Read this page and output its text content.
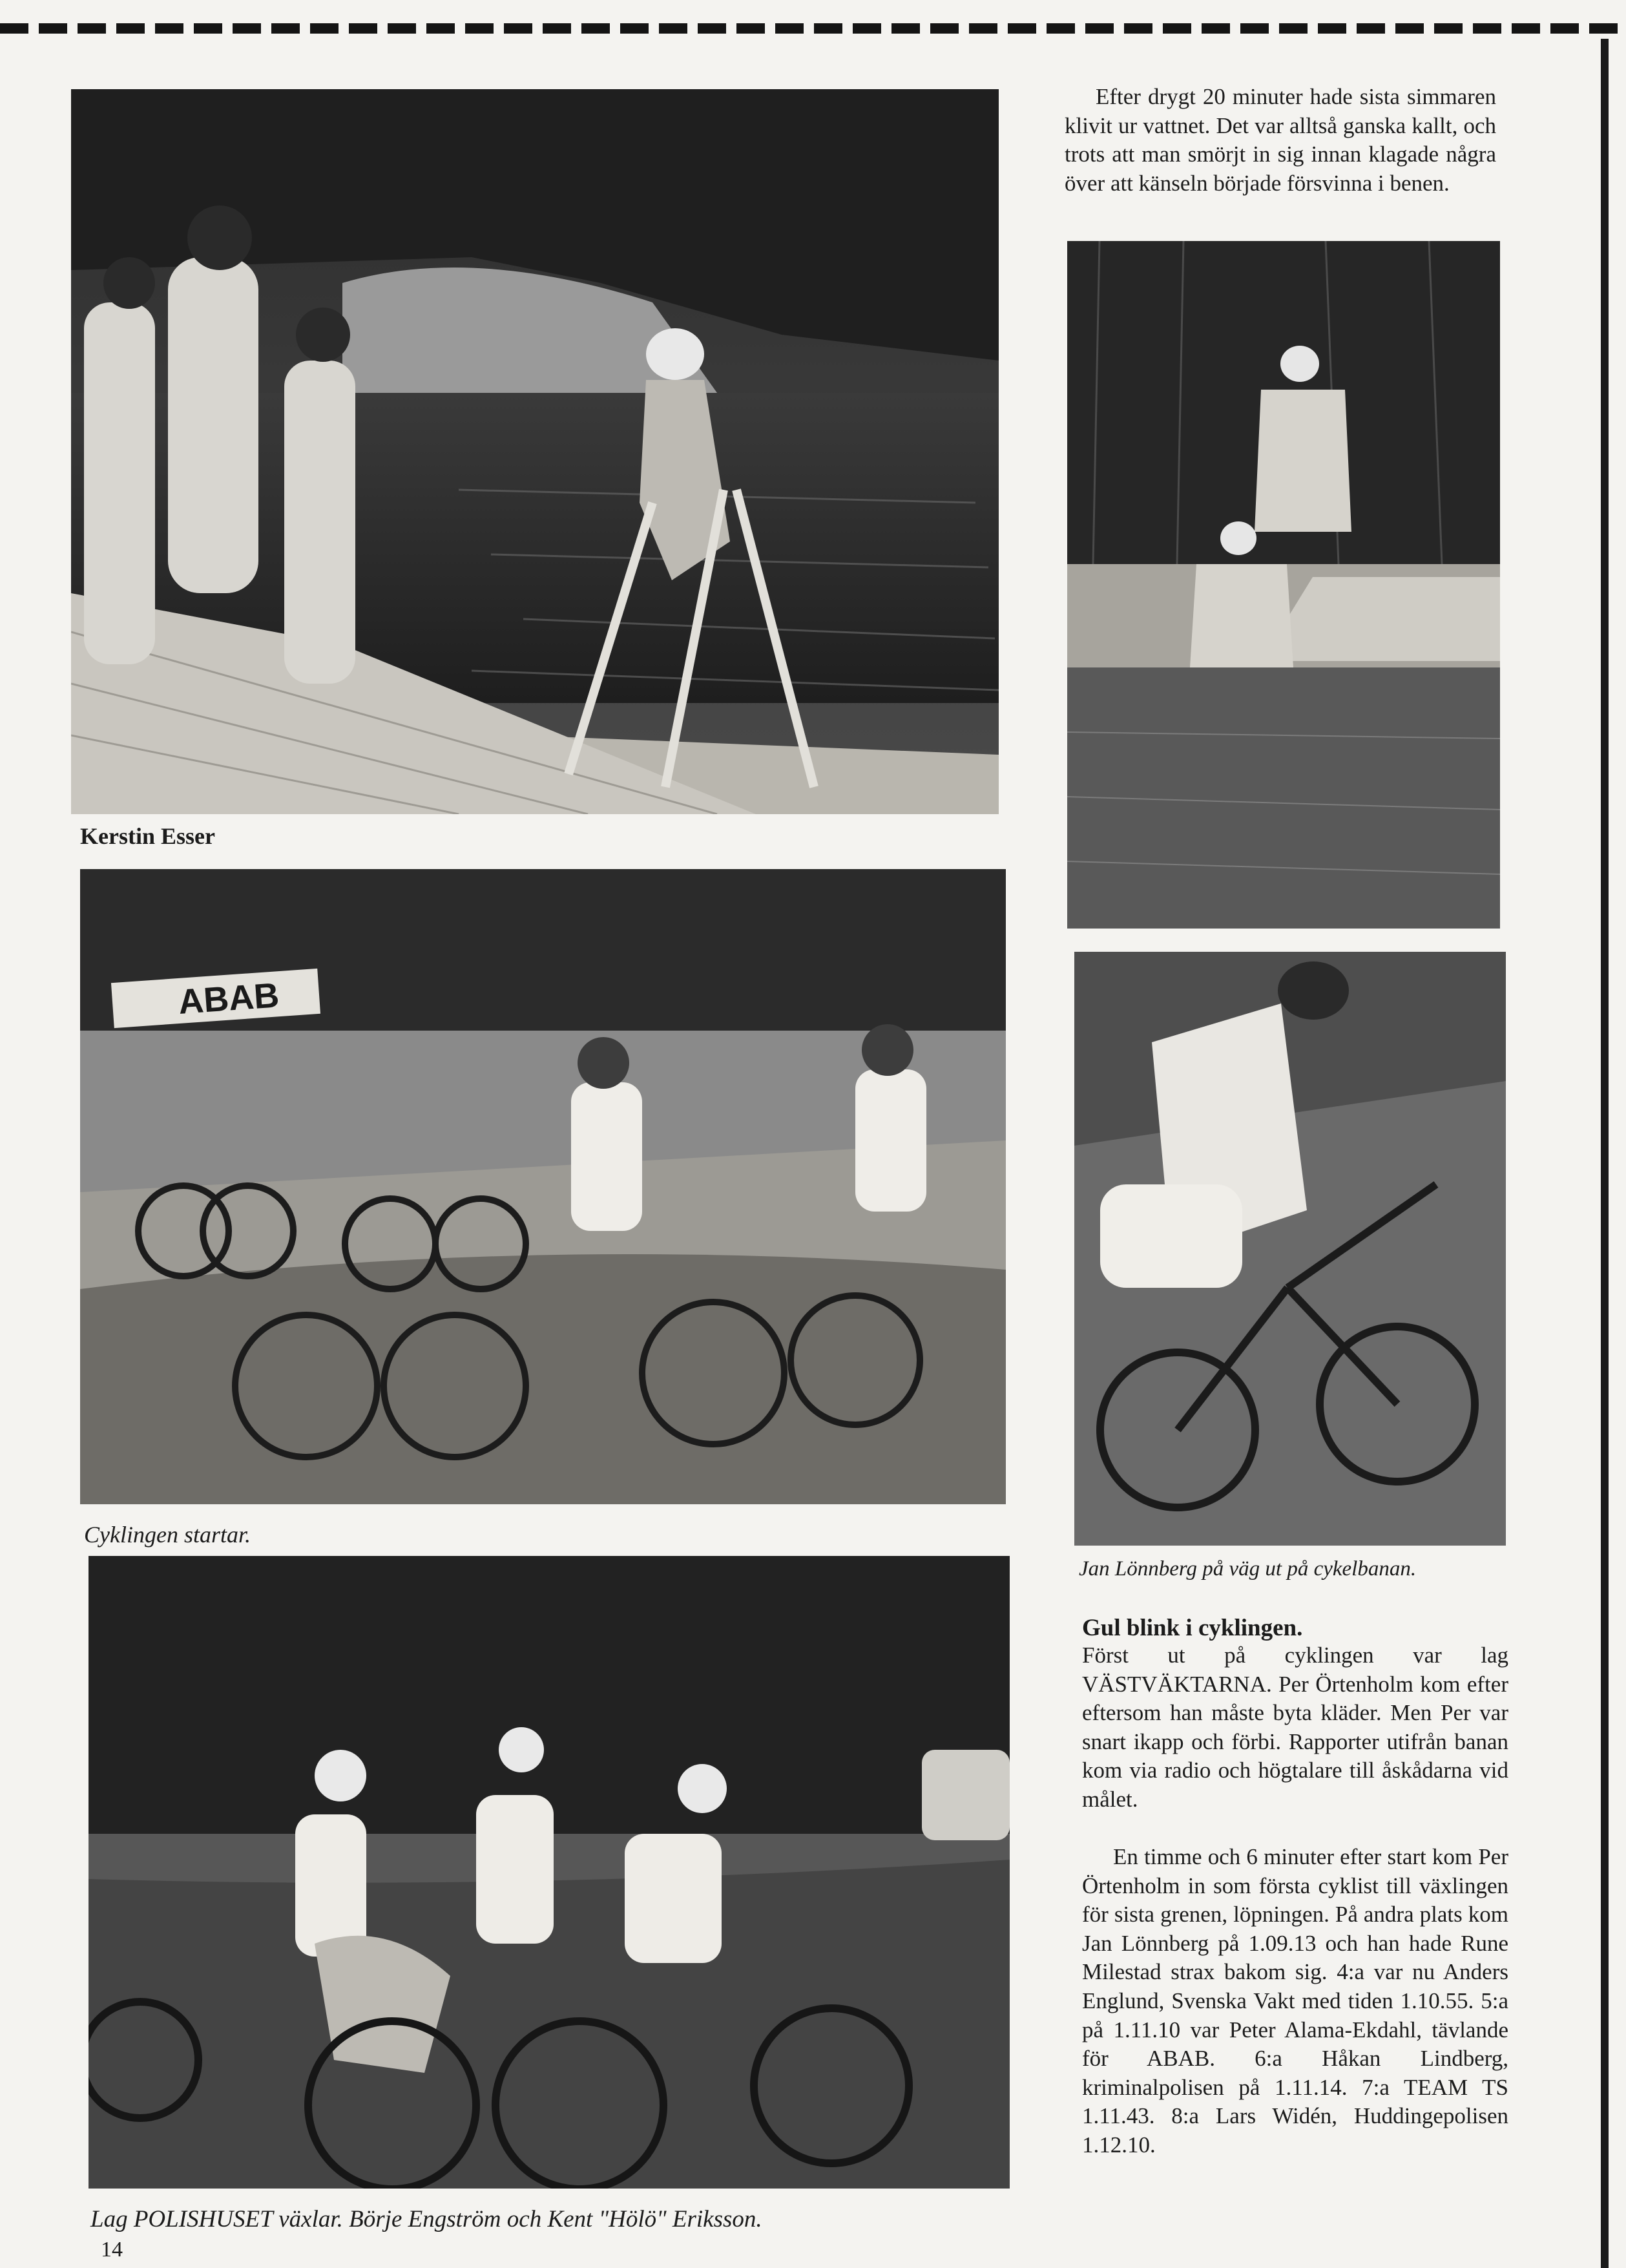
Kerstin Esser
ABAB
Cyklingen startar.
Jan Lönnberg på väg ut på cykelbanan.
Lag POLISHUSET växlar. Börje Engström och Kent "Hölö" Eriksson.
Efter drygt 20 minuter hade sista simmaren klivit ur vattnet. Det var alltså ganska kallt, och trots att man smörjt in sig innan klagade några över att känseln började försvinna i benen.
Gul blink i cyklingen.
Först ut på cyklingen var lag VÄSTVÄKTARNA. Per Örtenholm kom efter eftersom han måste byta kläder. Men Per var snart ikapp och förbi. Rapporter utifrån banan kom via radio och högtalare till åskådarna vid målet.
En timme och 6 minuter efter start kom Per Örtenholm in som första cyklist till växlingen för sista grenen, löpningen. På andra plats kom Jan Lönnberg på 1.09.13 och han hade Rune Milestad strax bakom sig. 4:a var nu Anders Englund, Svenska Vakt med tiden 1.10.55. 5:a på 1.11.10 var Peter Alama-Ekdahl, tävlande för ABAB. 6:a Håkan Lindberg, kriminalpolisen på 1.11.14. 7:a TEAM TS 1.11.43. 8:a Lars Widén, Huddingepolisen 1.12.10.
14
